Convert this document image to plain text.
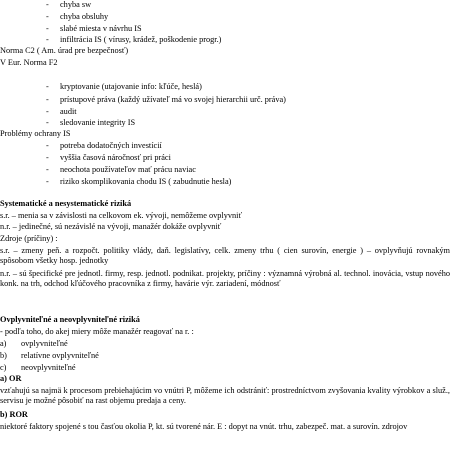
- chyba sw
- chyba obsluhy
- slabé miesta v návrhu IS
- infiltrácia IS ( vírusy, krádež, poškodenie progr.)
Norma C2 ( Am. úrad pre bezpečnosť)
V Eur. Norma F2
- kryptovanie (utajovanie info: kľúče, heslá)
- prístupové práva (každý užívateľ má vo svojej hierarchii urč. práva)
- audit
- sledovanie integrity IS
Problémy ochrany IS
- potreba dodatočných investícií
- vyššia časová náročnosť pri práci
- neochota používateľov mať prácu naviac
- riziko skomplikovania chodu IS ( zabudnutie hesla)
Systematické a nesystematické riziká
s.r. – menia sa v závislosti na celkovom ek. vývoji, nemôžeme ovplyvniť
n.r. – jedinečné, sú nezávislé na vývoji, manažér dokáže ovplyvniť
Zdroje (príčiny) :
s.r. – zmeny peň. a rozpočt. politiky vlády, daň. legislatívy, celk. zmeny trhu ( cien surovín, energie ) – ovplyvňujú rovnakým spôsobom všetky hosp. jednotky
n.r. – sú špecifické pre jednotl. firmy, resp. jednotl. podnikat. projekty, príčiny : významná výrobná al. technol. inovácia, vstup nového konk. na trh, odchod kľúčového pracovníka z firmy, havárie výr. zariadení, módnosť
Ovplyvniteľné a neovplyvniteľné riziká
- podľa toho, do akej miery môže manažér reagovať na r. :
a) ovplyvniteľné
b) relatívne ovplyvniteľné
c) neovplyvniteľné
a) OR
vzťahujú sa najmä k procesom prebiehajúcim vo vnútri P, môžeme ich odstrániť: prostredníctvom zvyšovania kvality výrobkov a služ., servisu je možné pôsobiť na rast objemu predaja a ceny.
b) ROR
niektoré faktory spojené s tou časťou okolia P, kt. sú tvorené nár. E : dopyt na vnút. trhu, zabezpeč. mat. a surovín. zdrojov
